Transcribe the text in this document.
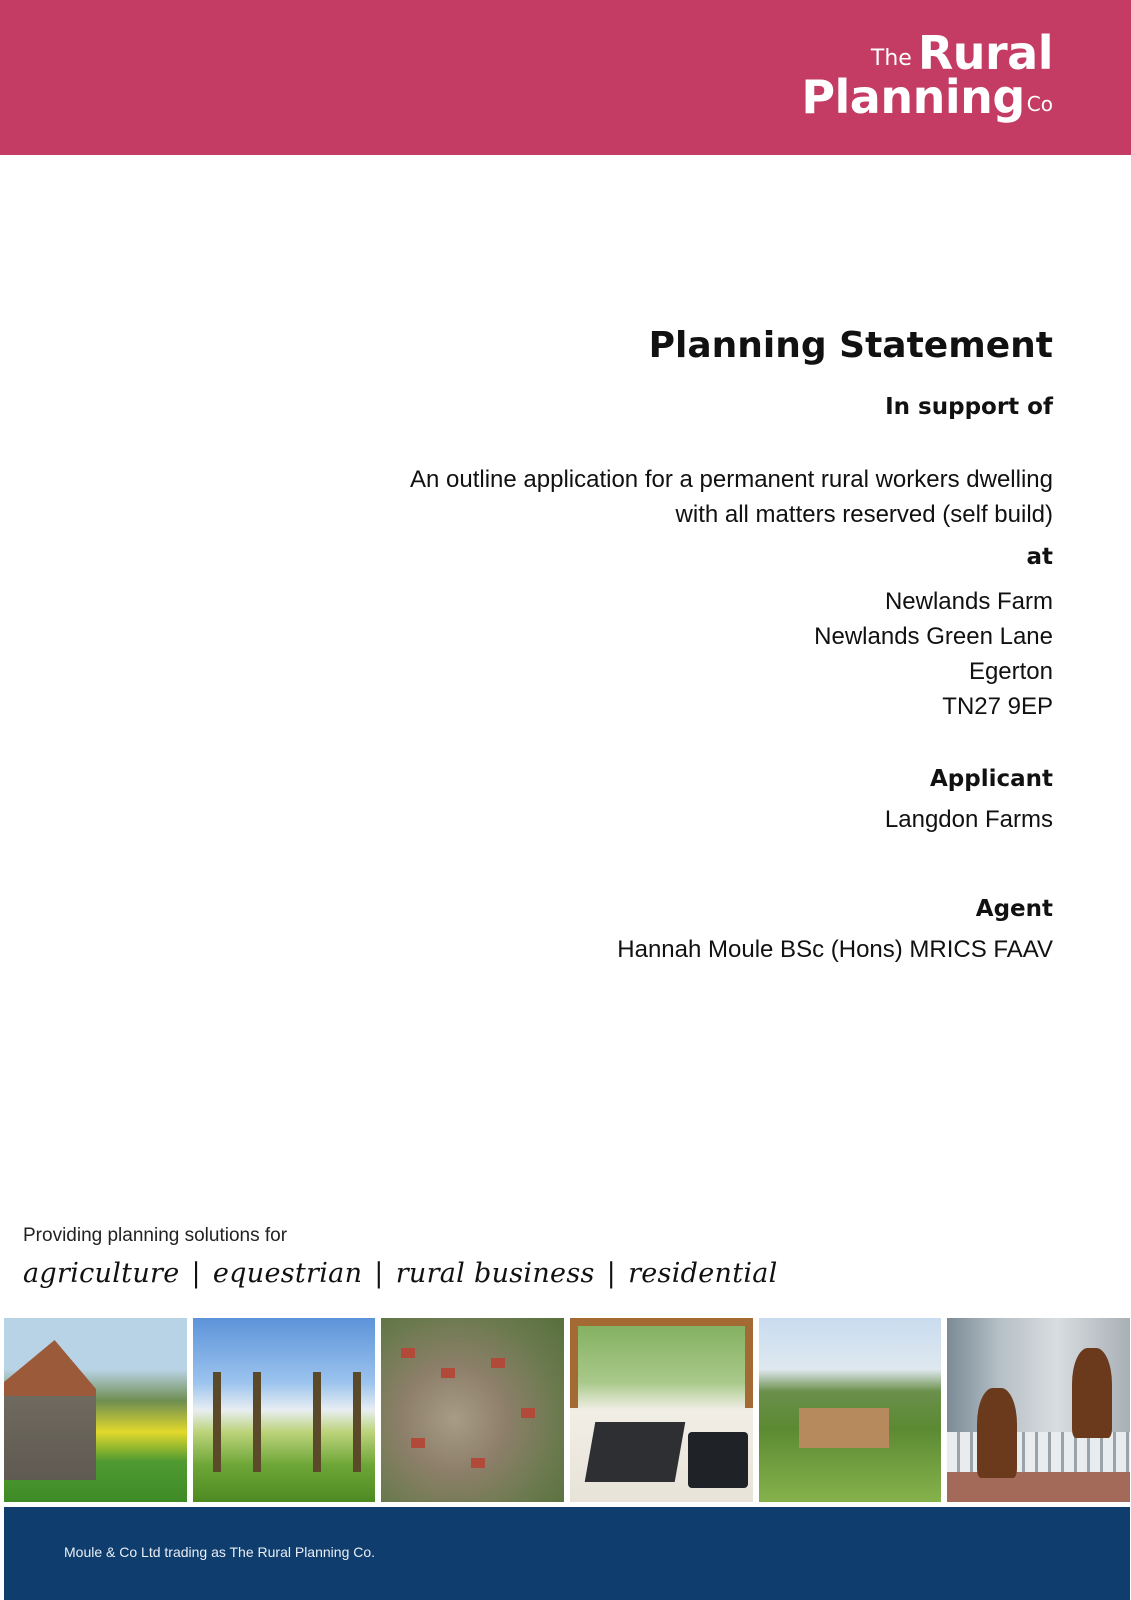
The Rural
Planning Co
Planning Statement
In support of
An outline application for a permanent rural workers dwelling
with all matters reserved (self build)
at
Newlands Farm
Newlands Green Lane
Egerton
TN27 9EP
Applicant
Langdon Farms
Agent
Hannah Moule BSc (Hons) MRICS FAAV
Providing planning solutions for
agriculture | equestrian | rural business | residential
Moule & Co Ltd trading as The Rural Planning Co.
